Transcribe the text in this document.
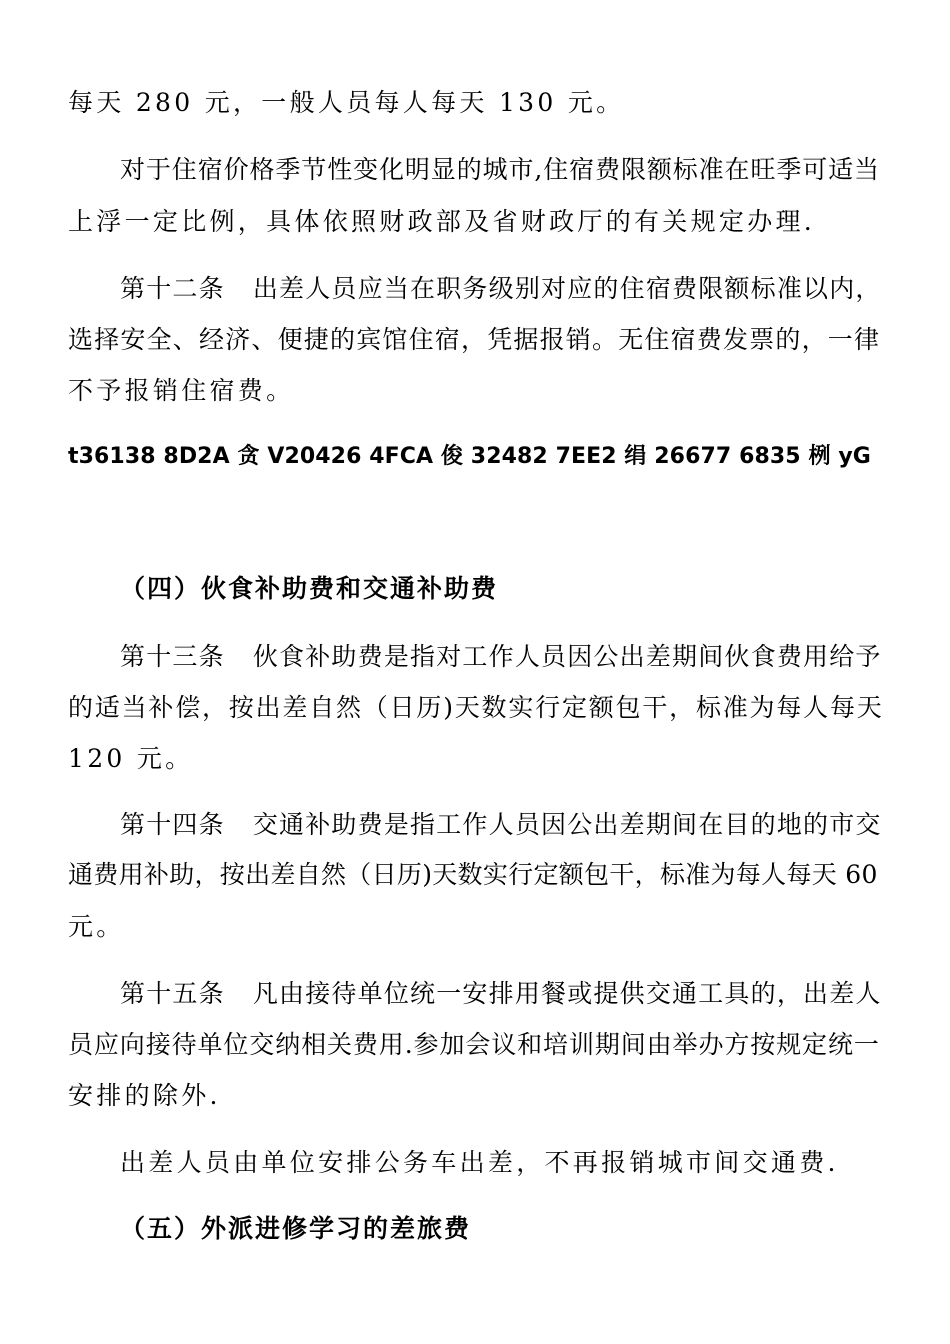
每天 280 元，一般人员每人每天 130 元。
对于住宿价格季节性变化明显的城市,住宿费限额标准在旺季可适当
上浮一定比例，具体依照财政部及省财政厅的有关规定办理.
第十二条 出差人员应当在职务级别对应的住宿费限额标准以内，
选择安全、经济、便捷的宾馆住宿，凭据报销。无住宿费发票的，一律
不予报销住宿费。
t36138 8D2A 贪 V20426 4FCA 俊 32482 7EE2 绢 26677 6835 栵 yG
（四）伙食补助费和交通补助费
第十三条 伙食补助费是指对工作人员因公出差期间伙食费用给予
的适当补偿，按出差自然（日历)天数实行定额包干，标准为每人每天
120 元。
第十四条 交通补助费是指工作人员因公出差期间在目的地的市交
通费用补助，按出差自然（日历)天数实行定额包干，标准为每人每天 60
元。
第十五条 凡由接待单位统一安排用餐或提供交通工具的，出差人
员应向接待单位交纳相关费用.参加会议和培训期间由举办方按规定统一
安排的除外.
出差人员由单位安排公务车出差，不再报销城市间交通费.
（五）外派进修学习的差旅费
